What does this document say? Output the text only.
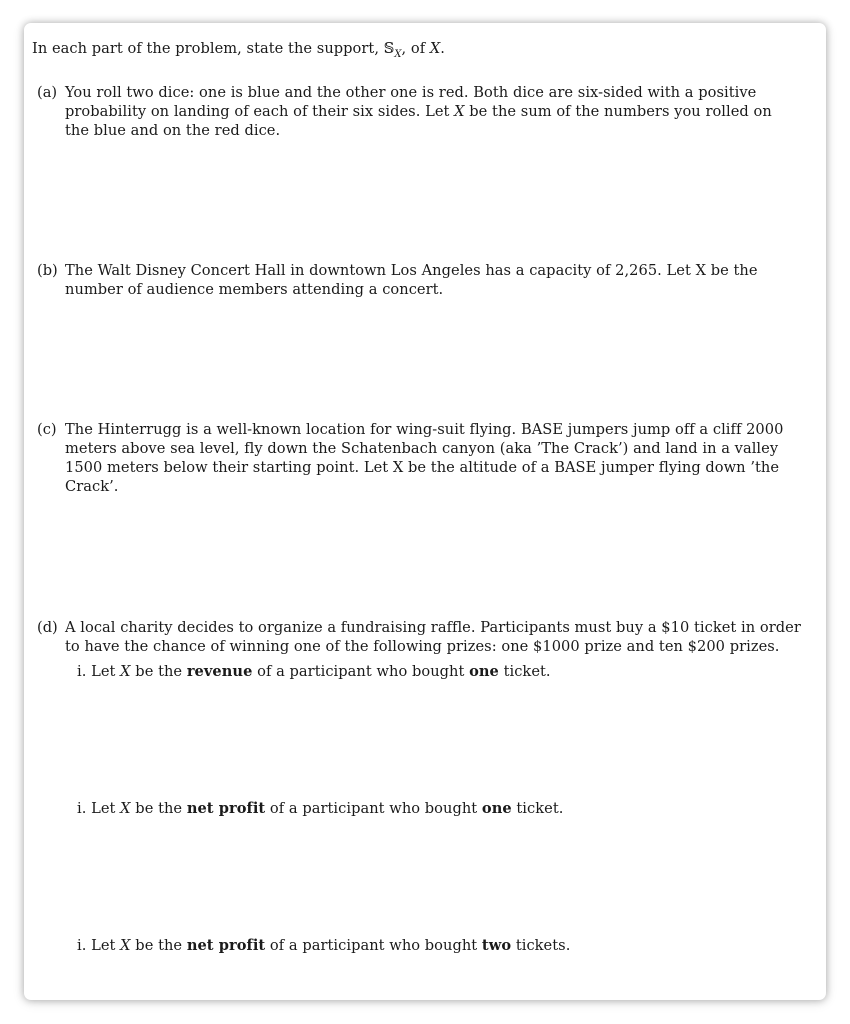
In each part of the problem, state the support, 𝕊$_X$, of X.
(a) You roll two dice: one is blue and the other one is red. Both dice are six-sided with a positive
probability on landing of each of their six sides. Let X be the sum of the numbers you rolled on
the blue and on the red dice.
(b) The Walt Disney Concert Hall in downtown Los Angeles has a capacity of 2,265. Let X be the
number of audience members attending a concert.
(c) The Hinterrugg is a well-known location for wing-suit flying. BASE jumpers jump off a cliff 2000
meters above sea level, fly down the Schatenbach canyon (aka ’The Crack’) and land in a valley
1500 meters below their starting point. Let X be the altitude of a BASE jumper flying down ’the
Crack’.
(d) A local charity decides to organize a fundraising raffle. Participants must buy a $10 ticket in order
to have the chance of winning one of the following prizes: one $1000 prize and ten $200 prizes.
i. Let X be the revenue of a participant who bought one ticket.
i. Let X be the net profit of a participant who bought one ticket.
i. Let X be the net profit of a participant who bought two tickets.
